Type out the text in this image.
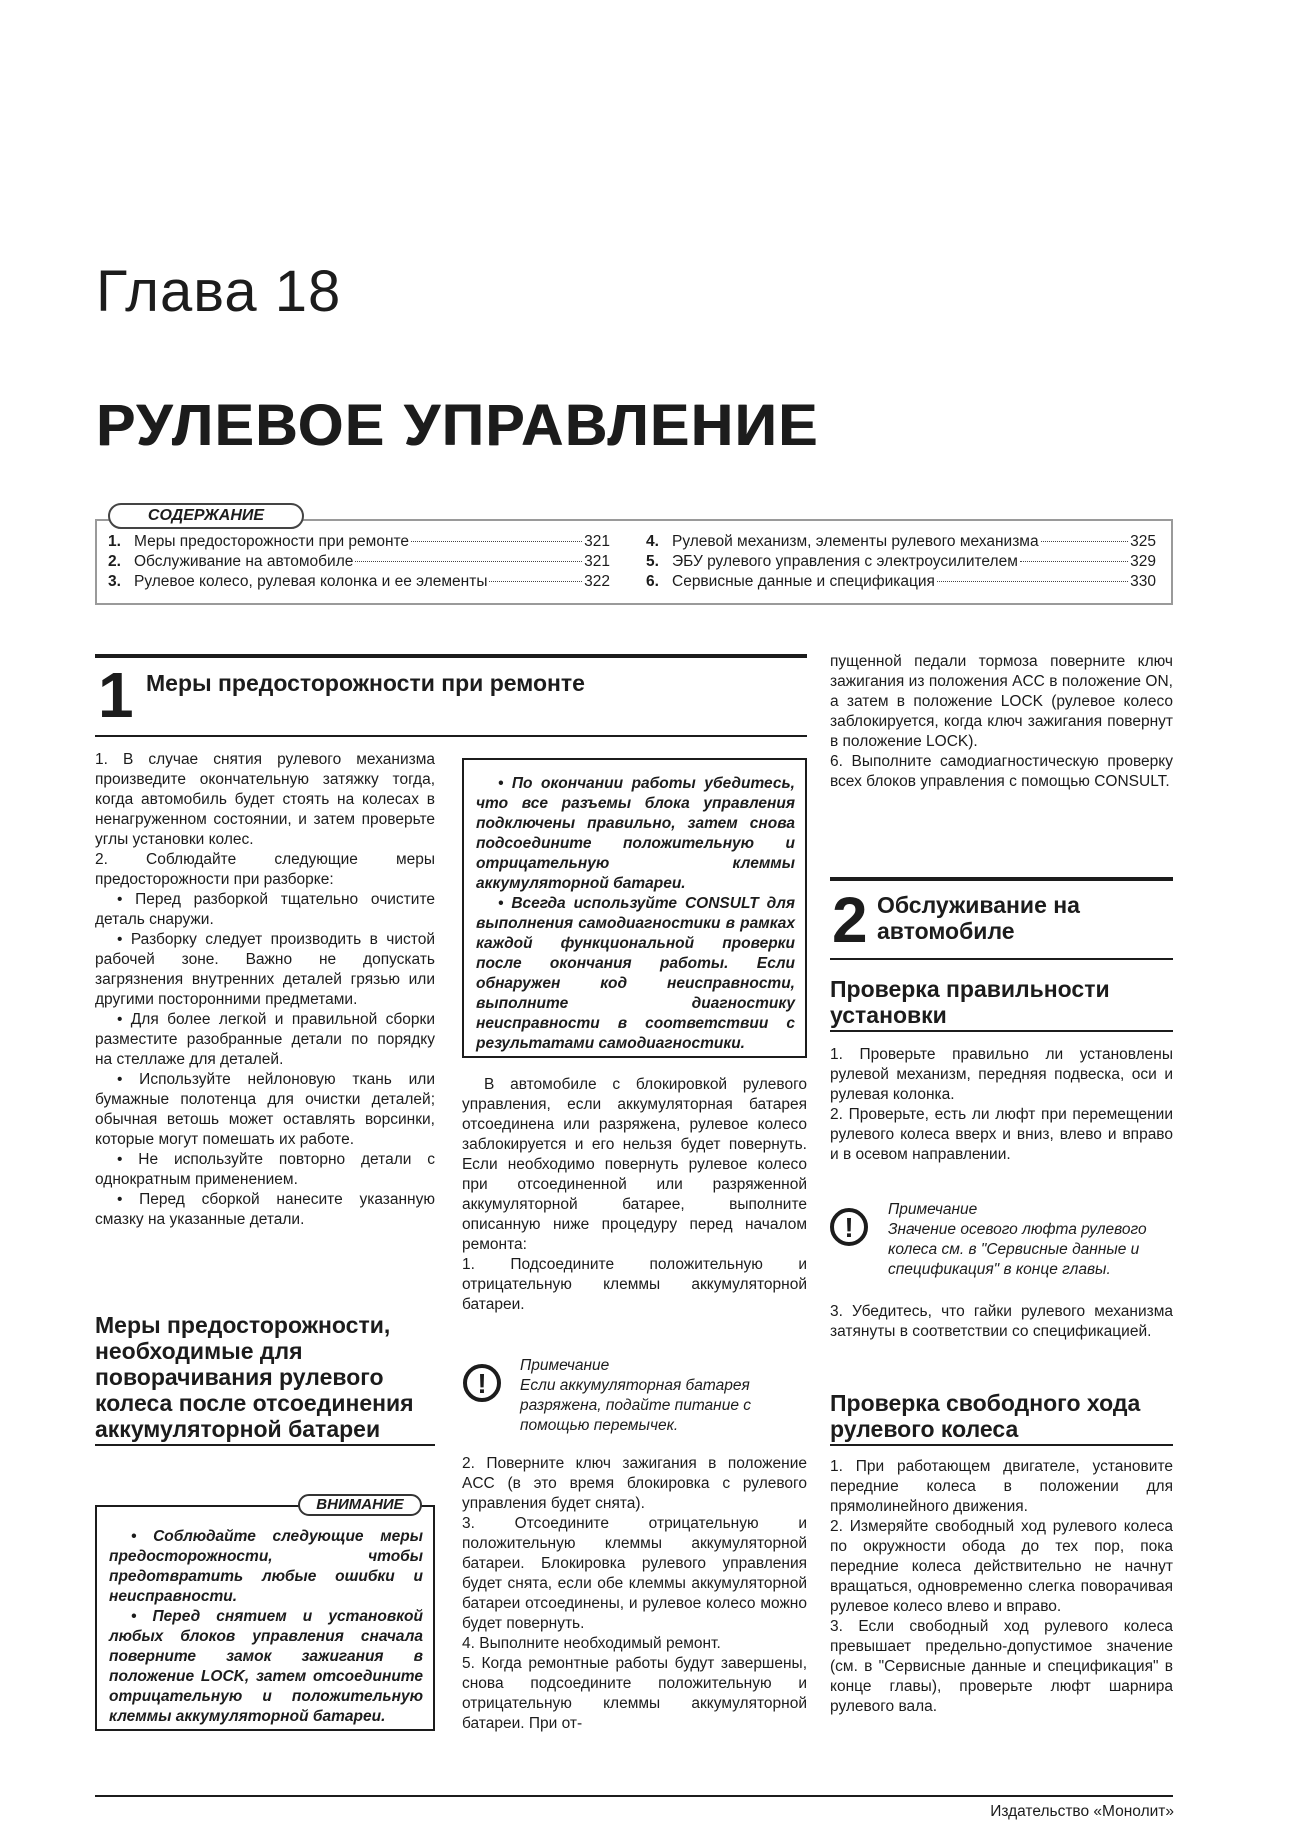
Глава 18
РУЛЕВОЕ УПРАВЛЕНИЕ
СОДЕРЖАНИЕ
1. Меры предосторожности при ремонте	321
2. Обслуживание на автомобиле	321
3. Рулевое колесо, рулевая колонка и ее элементы	322
4. Рулевой механизм, элементы рулевого механизма	325
5. ЭБУ рулевого управления с электроусилителем	329
6. Сервисные данные и спецификация	330
1 Меры предосторожности при ремонте

1. В случае снятия рулевого механизма произведите окончательную затяжку тогда, когда автомобиль будет стоять на колесах в ненагруженном состоянии, и затем проверьте углы установки колес.

2. Соблюдайте следующие меры предосторожности при разборке:

• Перед разборкой тщательно очистите деталь снаружи.

• Разборку следует производить в чистой рабочей зоне. Важно не допускать загрязнения внутренних деталей грязью или другими посторонними предметами.

• Для более легкой и правильной сборки разместите разобранные детали по порядку на стеллаже для деталей.

• Используйте нейлоновую ткань или бумажные полотенца для очистки деталей; обычная ветошь может оставлять ворсинки, которые могут помешать их работе.

• Не используйте повторно детали с однократным применением.

• Перед сборкой нанесите указанную смазку на указанные детали.

Меры предосторожности, необходимые для поворачивания рулевого колеса после отсоединения аккумуляторной батареи

• Соблюдайте следующие меры предосторожности, чтобы предотвратить любые ошибки и неисправности.

• Перед снятием и установкой любых блоков управления сначала поверните замок зажигания в положение LOCK, затем отсоедините отрицательную и положительную клеммы аккумуляторной батареи.

ВНИМАНИЕ

• По окончании работы убедитесь, что все разъемы блока управления подключены правильно, затем снова подсоедините положительную и отрицательную клеммы аккумуляторной батареи.

• Всегда используйте CONSULT для выполнения самодиагностики в рамках каждой функциональной проверки после окончания работы. Если обнаружен код неисправности, выполните диагностику неисправности в соответствии с результатами самодиагностики.

В автомобиле с блокировкой рулевого управления, если аккумуляторная батарея отсоединена или разряжена, рулевое колесо заблокируется и его нельзя будет повернуть. Если необходимо повернуть рулевое колесо при отсоединенной или разряженной аккумуляторной батарее, выполните описанную ниже процедуру перед началом ремонта:

1. Подсоедините положительную и отрицательную клеммы аккумуляторной батареи.

!
Примечание
Если аккумуляторная батарея разряжена, подайте питание с помощью перемычек.

2. Поверните ключ зажигания в положение ACC (в это время блокировка с рулевого управления будет снята).

3. Отсоедините отрицательную и положительную клеммы аккумуляторной батареи. Блокировка рулевого управления будет снята, если обе клеммы аккумуляторной батареи отсоединены, и рулевое колесо можно будет повернуть.

4. Выполните необходимый ремонт.

5. Когда ремонтные работы будут завершены, снова подсоедините положительную и отрицательную клеммы аккумуляторной батареи. При от-

пущенной педали тормоза поверните ключ зажигания из положения ACC в положение ON, а затем в положение LOCK (рулевое колесо заблокируется, когда ключ зажигания повернут в положение LOCK).

6. Выполните самодиагностическую проверку всех блоков управления с помощью CONSULT.

2 Обслуживание на автомобиле
Проверка правильности установки

1. Проверьте правильно ли установлены рулевой механизм, передняя подвеска, оси и рулевая колонка.

2. Проверьте, есть ли люфт при перемещении рулевого колеса вверх и вниз, влево и вправо и в осевом направлении.

!
Примечание
Значение осевого люфта рулевого колеса см. в "Сервисные данные и спецификация" в конце главы.

3. Убедитесь, что гайки рулевого механизма затянуты в соответствии со спецификацией.

Проверка свободного хода рулевого колеса

1. При работающем двигателе, установите передние колеса в положении для прямолинейного движения.

2. Измеряйте свободный ход рулевого колеса по окружности обода до тех пор, пока передние колеса действительно не начнут вращаться, одновременно слегка поворачивая рулевое колесо влево и вправо.

3. Если свободный ход рулевого колеса превышает предельно-допустимое значение (см. в "Сервисные данные и спецификация" в конце главы), проверьте люфт шарнира рулевого вала.

Издательство «Монолит»
